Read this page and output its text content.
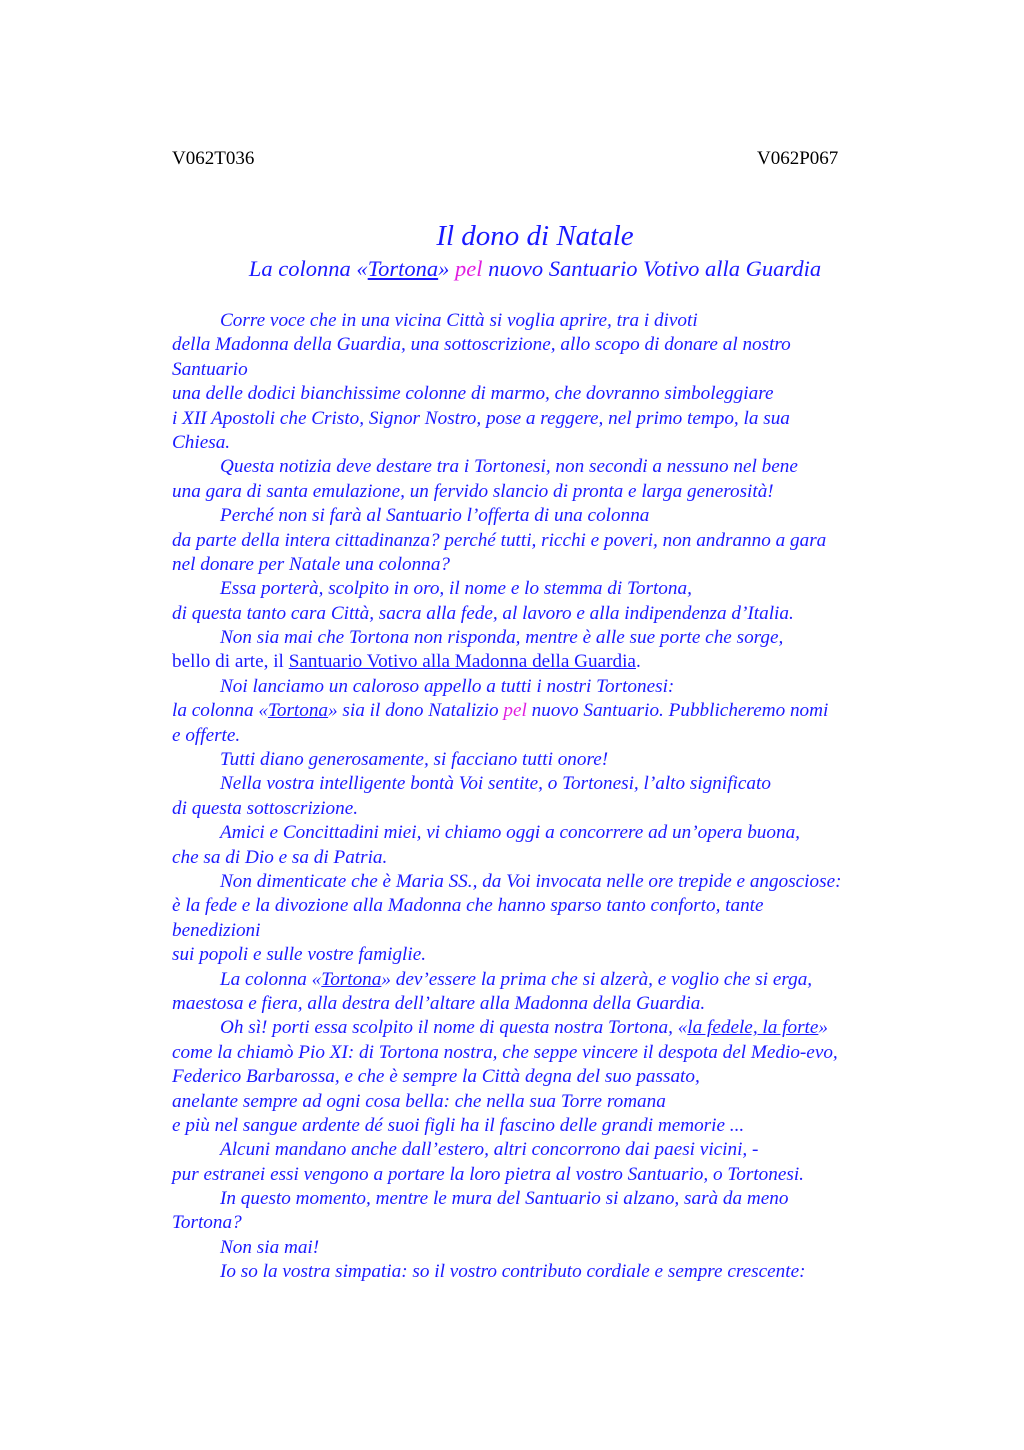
V062T036	V062P067
Il dono di Natale
La colonna «Tortona» pel nuovo Santuario Votivo alla Guardia
Corre voce che in una vicina Città si voglia aprire, tra i divoti
della Madonna della Guardia, una sottoscrizione, allo scopo di donare al nostro
Santuario
una delle dodici bianchissime colonne di marmo, che dovranno simboleggiare
i XII Apostoli che Cristo, Signor Nostro, pose a reggere, nel primo tempo, la sua
Chiesa.
Questa notizia deve destare tra i Tortonesi, non secondi a nessuno nel bene
una gara di santa emulazione, un fervido slancio di pronta e larga generosità!
Perché non si farà al Santuario l’offerta di una colonna
da parte della intera cittadinanza? perché tutti, ricchi e poveri, non andranno a gara
nel donare per Natale una colonna?
Essa porterà, scolpito in oro, il nome e lo stemma di Tortona,
di questa tanto cara Città, sacra alla fede, al lavoro e alla indipendenza d’Italia.
Non sia mai che Tortona non risponda, mentre è alle sue porte che sorge,
bello di arte, il Santuario Votivo alla Madonna della Guardia.
Noi lanciamo un caloroso appello a tutti i nostri Tortonesi:
la colonna «Tortona» sia il dono Natalizio pel nuovo Santuario. Pubblicheremo nomi
e offerte.
Tutti diano generosamente, si facciano tutti onore!
Nella vostra intelligente bontà Voi sentite, o Tortonesi, l’alto significato
di questa sottoscrizione.
Amici e Concittadini miei, vi chiamo oggi a concorrere ad un’opera buona,
che sa di Dio e sa di Patria.
Non dimenticate che è Maria SS., da Voi invocata nelle ore trepide e angosciose:
è la fede e la divozione alla Madonna che hanno sparso tanto conforto, tante
benedizioni
sui popoli e sulle vostre famiglie.
La colonna «Tortona» dev’essere la prima che si alzerà, e voglio che si erga,
maestosa e fiera, alla destra dell’altare alla Madonna della Guardia.
Oh sì! porti essa scolpito il nome di questa nostra Tortona, «la fedele, la forte»
come la chiamò Pio XI: di Tortona nostra, che seppe vincere il despota del Medio-evo,
Federico Barbarossa, e che è sempre la Città degna del suo passato,
anelante sempre ad ogni cosa bella: che nella sua Torre romana
e più nel sangue ardente dé suoi figli ha il fascino delle grandi memorie ...
Alcuni mandano anche dall’estero, altri concorrono dai paesi vicini, -
pur estranei essi vengono a portare la loro pietra al vostro Santuario, o Tortonesi.
In questo momento, mentre le mura del Santuario si alzano, sarà da meno
Tortona?
Non sia mai!
Io so la vostra simpatia: so il vostro contributo cordiale e sempre crescente:
